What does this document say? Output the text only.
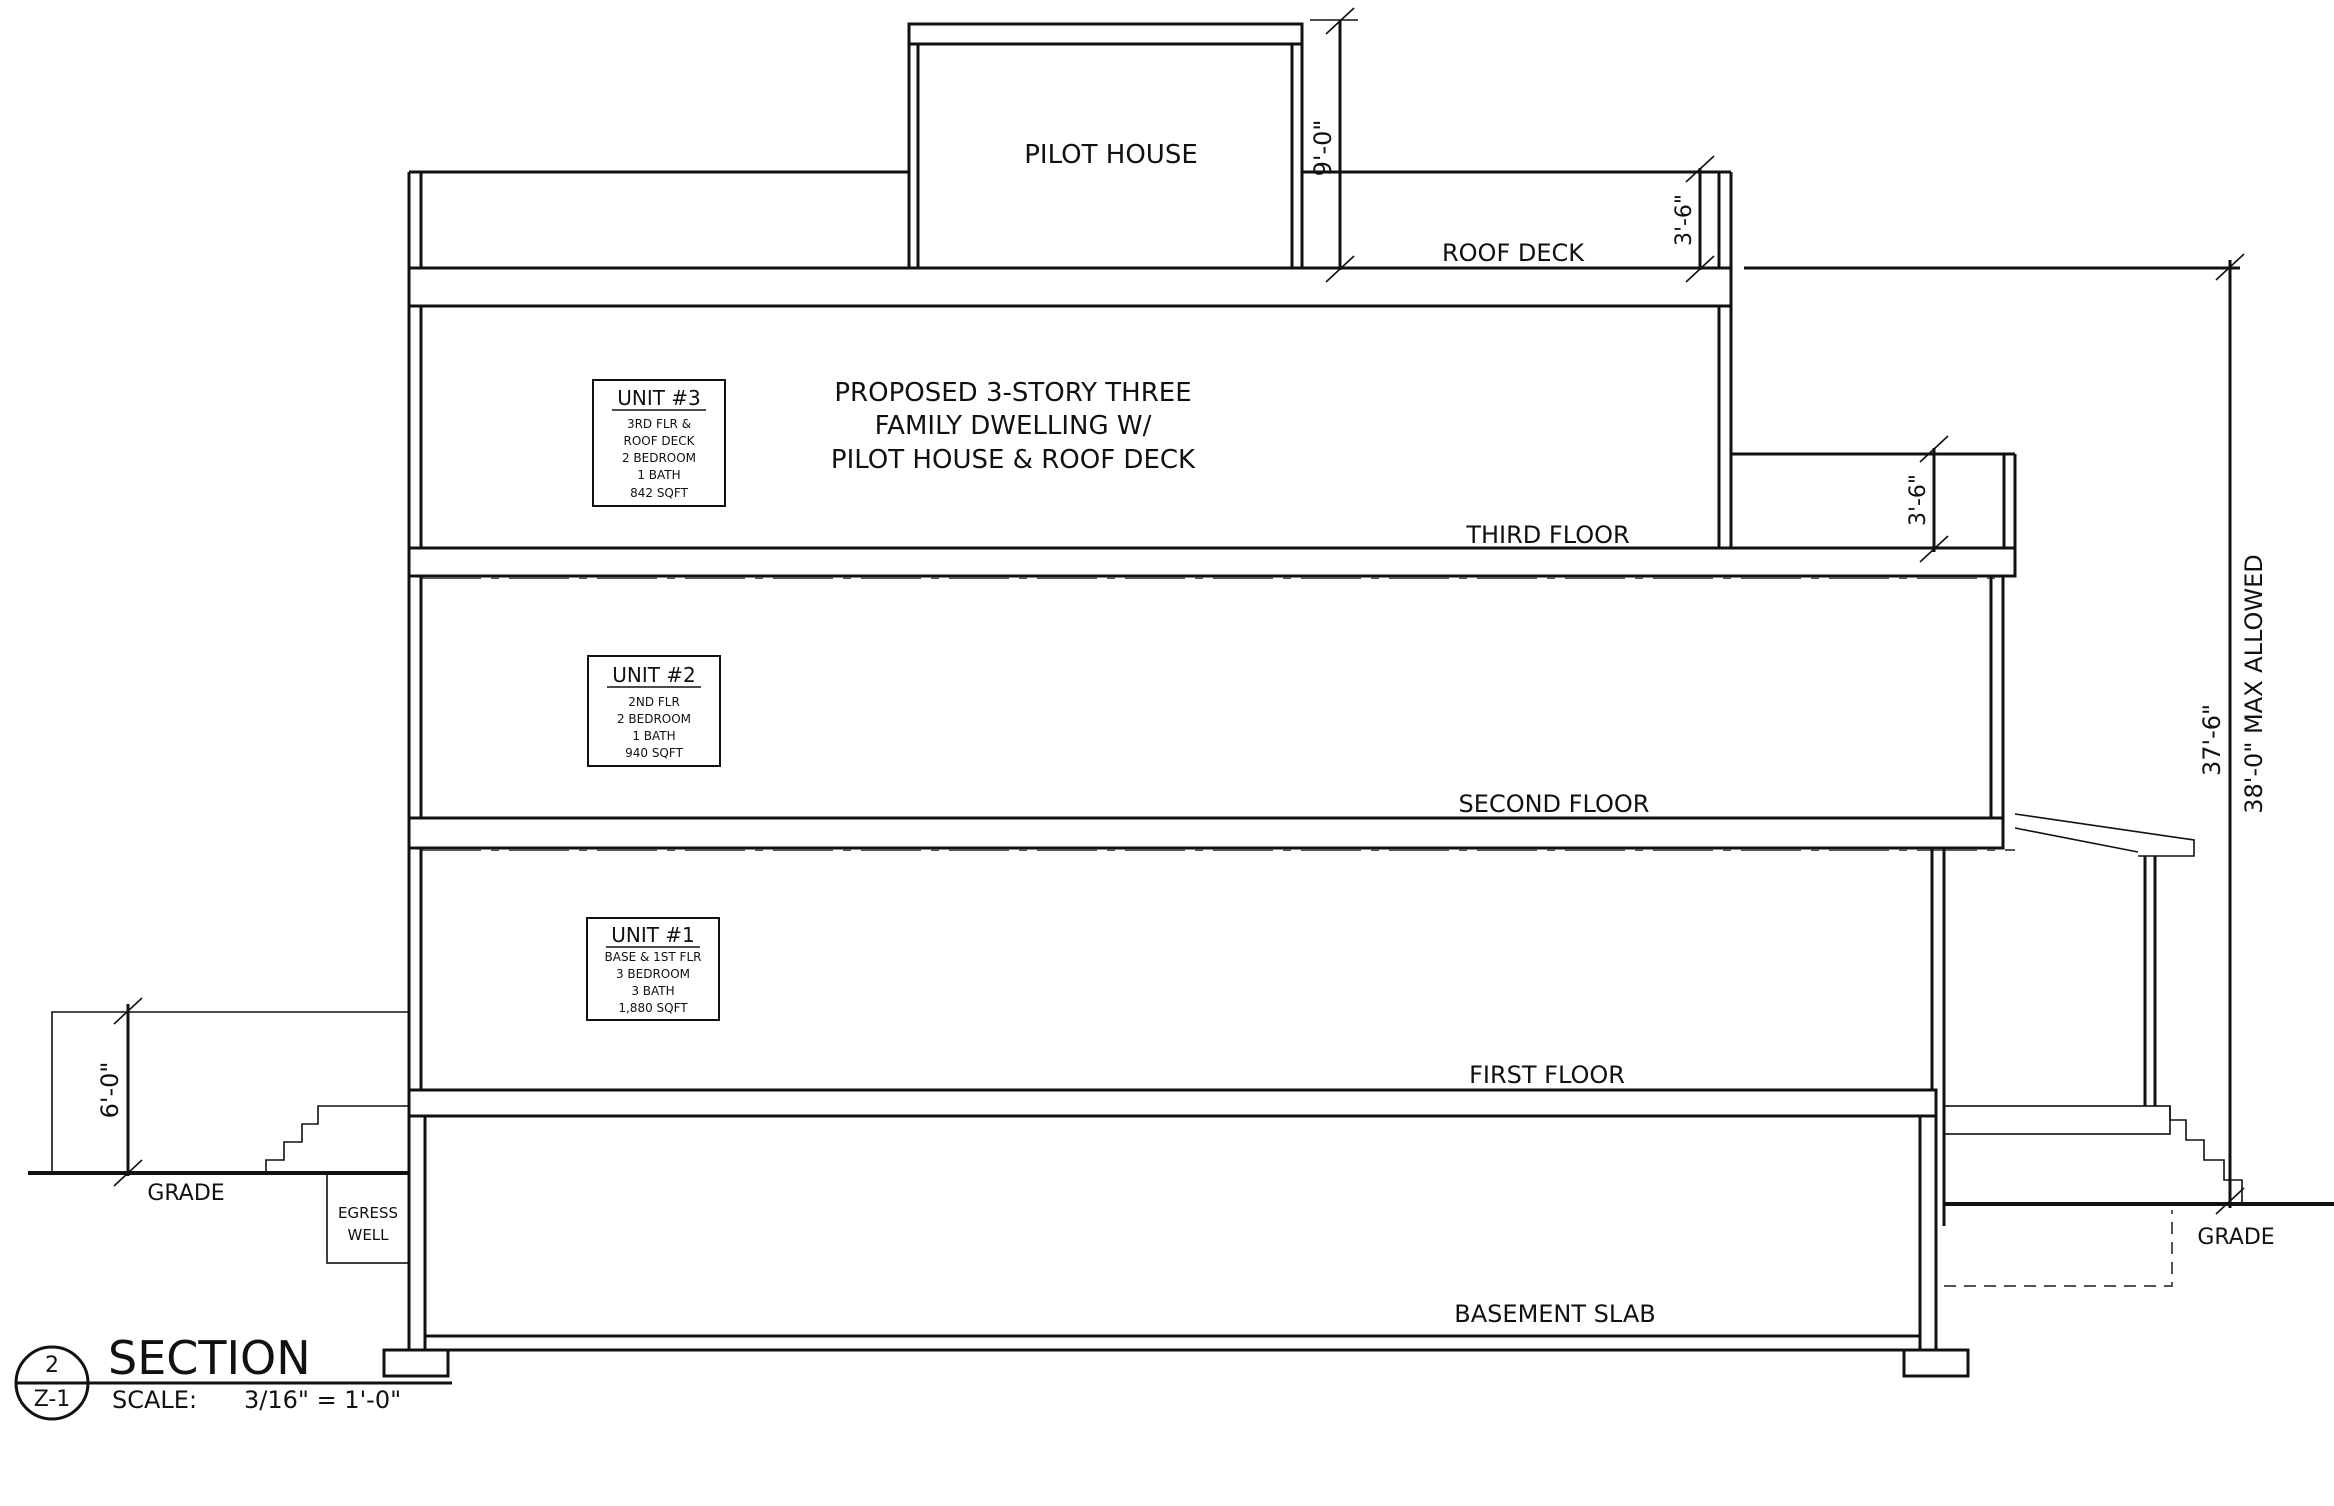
UNIT #3
3RD FLR &
ROOF DECK
2 BEDROOM
1 BATH
842 SQFT
UNIT #2
2ND FLR
2 BEDROOM
1 BATH
940 SQFT
UNIT #1
BASE & 1ST FLR
3 BEDROOM
3 BATH
1,880 SQFT
PILOT HOUSE
ROOF DECK
PROPOSED 3-STORY THREE
FAMILY DWELLING W/
PILOT HOUSE & ROOF DECK
THIRD FLOOR
SECOND FLOOR
FIRST FLOOR
BASEMENT SLAB
GRADE
GRADE
EGRESS
WELL
9'-0"
3'-6"
3'-6"
6'-0"
37'-6" 38'-0" MAX ALLOWED
2
Z-1
SECTION
SCALE: 3/16" = 1'-0"
